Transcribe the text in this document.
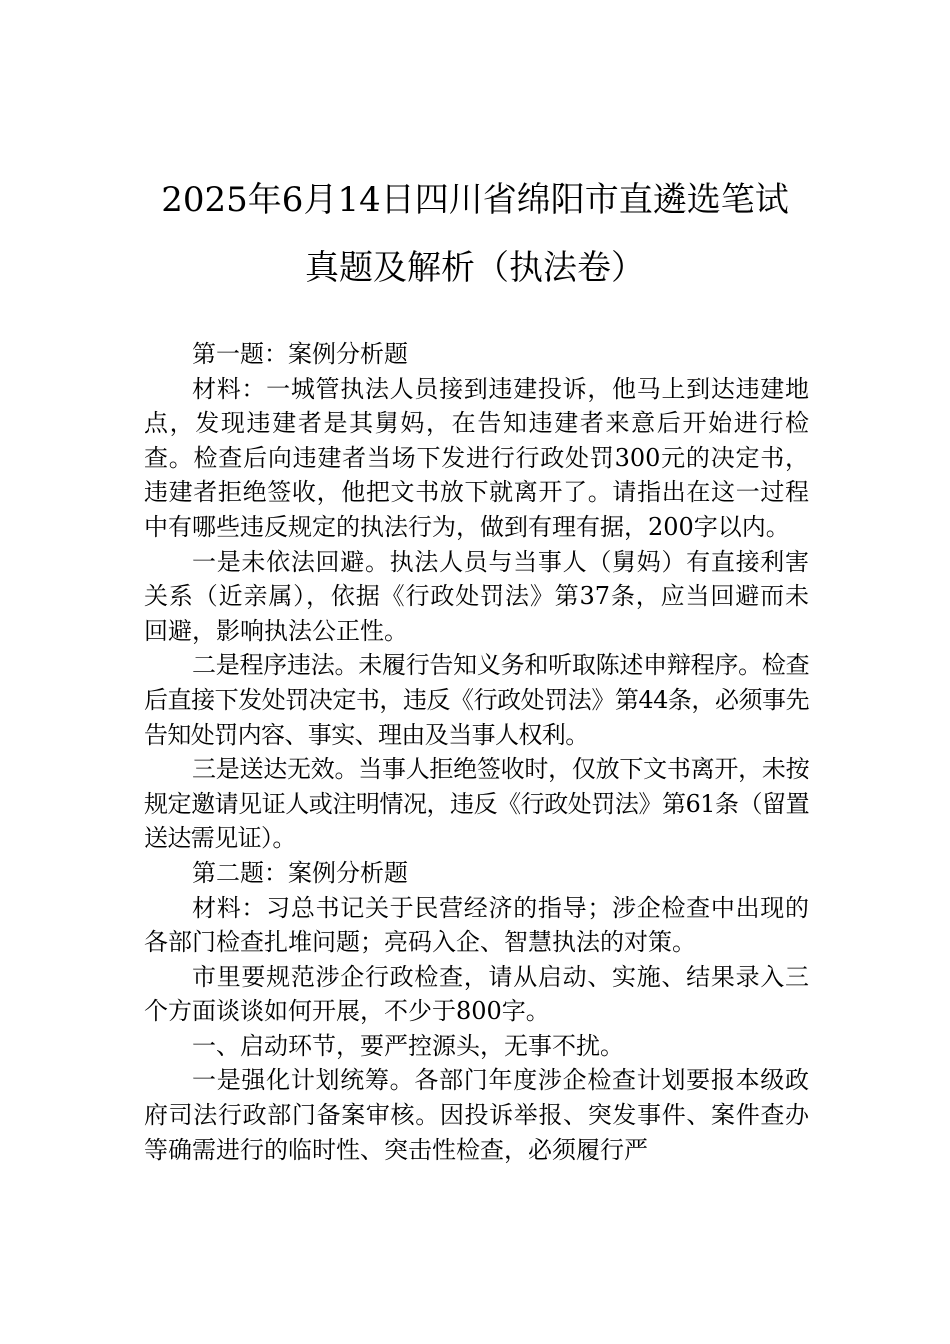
2025年6月14日四川省绵阳市直遴选笔试
真题及解析（执法卷）

第一题：案例分析题

材料：一城管执法人员接到违建投诉，他马上到达违建地点，发现违建者是其舅妈，在告知违建者来意后开始进行检查。检查后向违建者当场下发进行行政处罚300元的决定书，违建者拒绝签收，他把文书放下就离开了。请指出在这一过程中有哪些违反规定的执法行为，做到有理有据，200字以内。

一是未依法回避。执法人员与当事人（舅妈）有直接利害关系（近亲属），依据《行政处罚法》第37条，应当回避而未回避，影响执法公正性。

二是程序违法。未履行告知义务和听取陈述申辩程序。检查后直接下发处罚决定书，违反《行政处罚法》第44条，必须事先告知处罚内容、事实、理由及当事人权利。

三是送达无效。当事人拒绝签收时，仅放下文书离开，未按规定邀请见证人或注明情况，违反《行政处罚法》第61条（留置送达需见证）。

第二题：案例分析题

材料：习总书记关于民营经济的指导；涉企检查中出现的各部门检查扎堆问题；亮码入企、智慧执法的对策。

市里要规范涉企行政检查，请从启动、实施、结果录入三个方面谈谈如何开展，不少于800字。

一、启动环节，要严控源头，无事不扰。

一是强化计划统筹。各部门年度涉企检查计划要报本级政府司法行政部门备案审核。因投诉举报、突发事件、案件查办等确需进行的临时性、突击性检查，必须履行严
